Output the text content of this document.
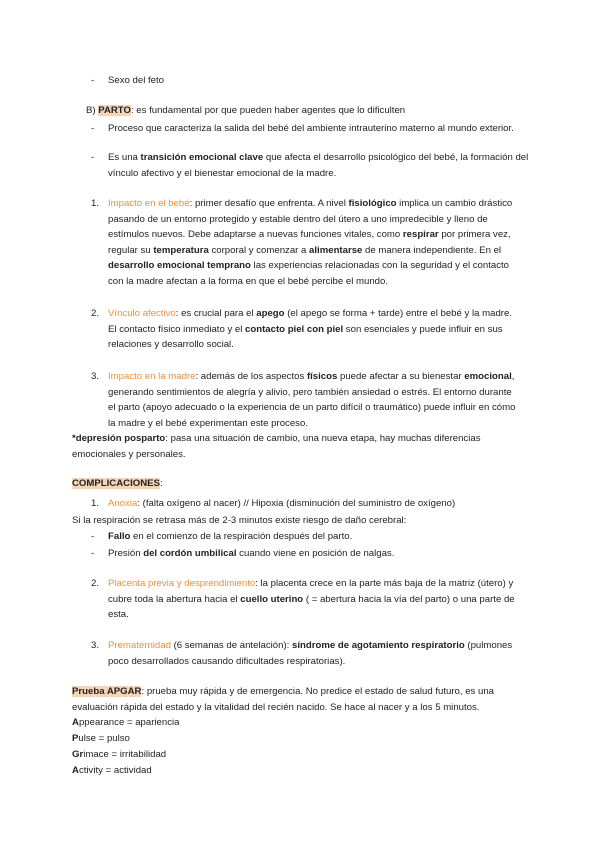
- Sexo del feto
B) PARTO: es fundamental por que pueden haber agentes que lo dificulten
- Proceso que caracteriza la salida del bebé del ambiente intrauterino materno al mundo exterior.
- Es una transición emocional clave que afecta el desarrollo psicológico del bebé, la formación del vínculo afectivo y el bienestar emocional de la madre.
1. Impacto en el bebé: primer desafío que enfrenta. A nivel fisiológico implica un cambio drástico pasando de un entorno protegido y estable dentro del útero a uno impredecible y lleno de estímulos nuevos. Debe adaptarse a nuevas funciones vitales, como respirar por primera vez, regular su temperatura corporal y comenzar a alimentarse de manera independiente. En el desarrollo emocional temprano las experiencias relacionadas con la seguridad y el contacto con la madre afectan a la forma en que el bebé percibe el mundo.
2. Vínculo afectivo: es crucial para el apego (el apego se forma + tarde) entre el bebé y la madre. El contacto físico inmediato y el contacto piel con piel son esenciales y puede influir en sus relaciones y desarrollo social.
3. Impacto en la madre: además de los aspectos físicos puede afectar a su bienestar emocional, generando sentimientos de alegría y alivio, pero también ansiedad o estrés. El entorno durante el parto (apoyo adecuado o la experiencia de un parto difícil o traumático) puede influir en cómo la madre y el bebé experimentan este proceso.
*depresión posparto: pasa una situación de cambio, una nueva etapa, hay muchas diferencias emocionales y personales.
COMPLICACIONES:
1. Anoxia: (falta oxígeno al nacer) // Hipoxia (disminución del suministro de oxígeno)
Si la respiración se retrasa más de 2-3 minutos existe riesgo de daño cerebral:
- Fallo en el comienzo de la respiración después del parto.
- Presión del cordón umbilical cuando viene en posición de nalgas.
2. Placenta previa y desprendimiento: la placenta crece en la parte más baja de la matriz (útero) y cubre toda la abertura hacia el cuello uterino ( = abertura hacia la vía del parto) o una parte de esta.
3. Prematernidad (6 semanas de antelación): síndrome de agotamiento respiratorio (pulmones poco desarrollados causando dificultades respiratorias).
Prueba APGAR: prueba muy rápida y de emergencia. No predice el estado de salud futuro, es una evaluación rápida del estado y la vitalidad del recién nacido. Se hace al nacer y a los 5 minutos.
Appearance = apariencia
Pulse = pulso
Grimace = irritabilidad
Activity = actividad
